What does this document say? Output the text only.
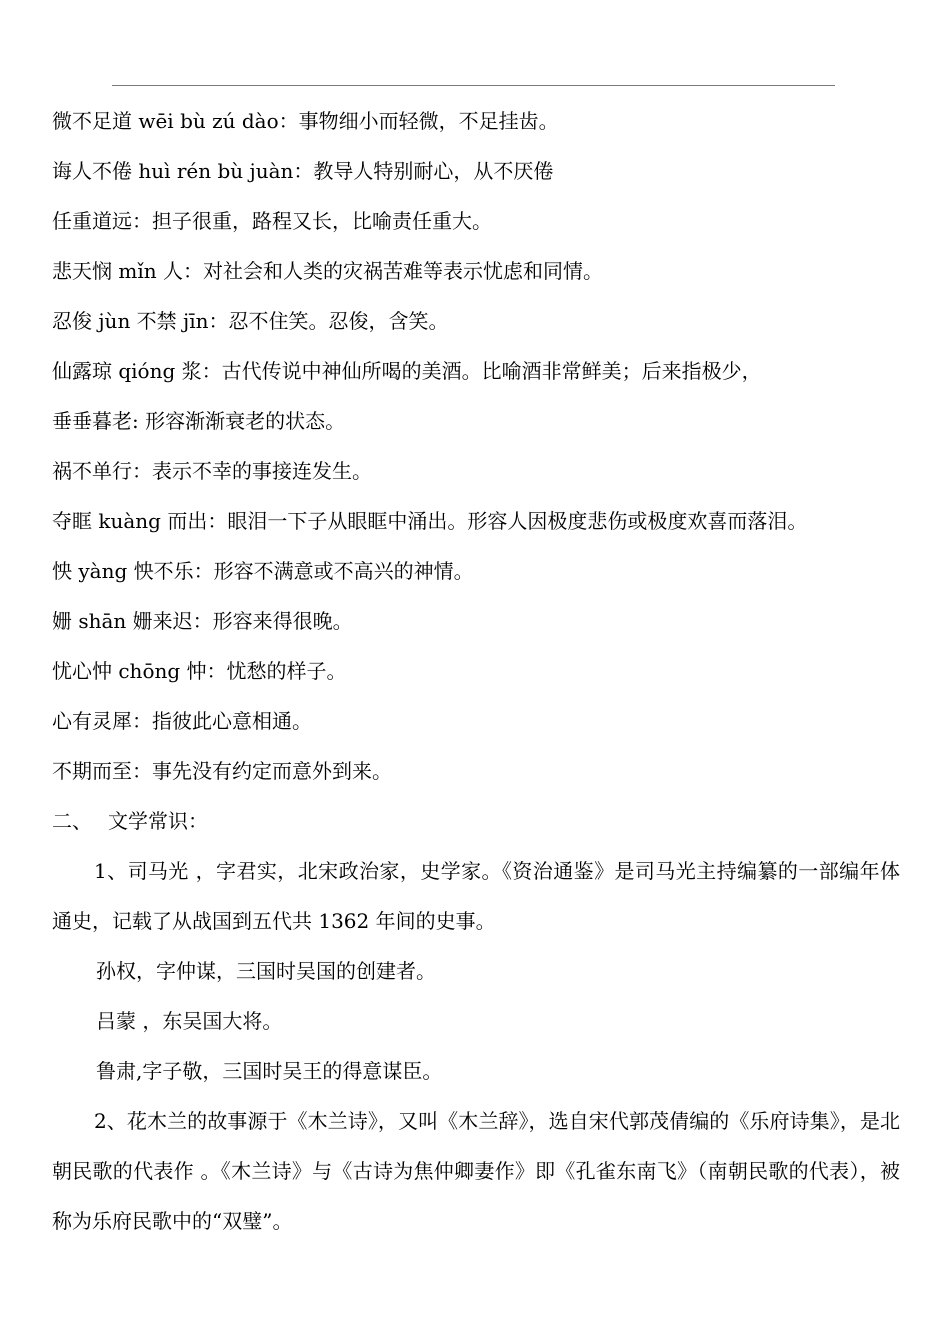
微不足道 wēi bù zú dào：事物细小而轻微，不足挂齿。

诲人不倦 huì rén bù juàn：教导人特别耐心，从不厌倦

任重道远：担子很重，路程又长，比喻责任重大。

悲天悯 mǐn 人：对社会和人类的灾祸苦难等表示忧虑和同情。

忍俊 jùn 不禁 jīn：忍不住笑。忍俊，含笑。

仙露琼 qióng 浆：古代传说中神仙所喝的美酒。比喻酒非常鲜美；后来指极少，

垂垂暮老: 形容渐渐衰老的状态。

祸不单行：表示不幸的事接连发生。

夺眶 kuàng 而出：眼泪一下子从眼眶中涌出。形容人因极度悲伤或极度欢喜而落泪。

怏 yàng 怏不乐：形容不满意或不高兴的神情。

姗 shān 姗来迟：形容来得很晚。

忧心忡 chōng 忡：忧愁的样子。

心有灵犀：指彼此心意相通。

不期而至：事先没有约定而意外到来。

二、 文学常识：

1、司马光 ，字君实，北宋政治家，史学家。《资治通鉴》是司马光主持编纂的一部编年体通史，记载了从战国到五代共 1362 年间的史事。

孙权，字仲谋，三国时吴国的创建者。

吕蒙 ，东吴国大将。

鲁肃,字子敬，三国时吴王的得意谋臣。

2、花木兰的故事源于《木兰诗》，又叫《木兰辞》，选自宋代郭茂倩编的《乐府诗集》，是北朝民歌的代表作 。《木兰诗》与《古诗为焦仲卿妻作》即《孔雀东南飞》（南朝民歌的代表），被称为乐府民歌中的“双璧”。
